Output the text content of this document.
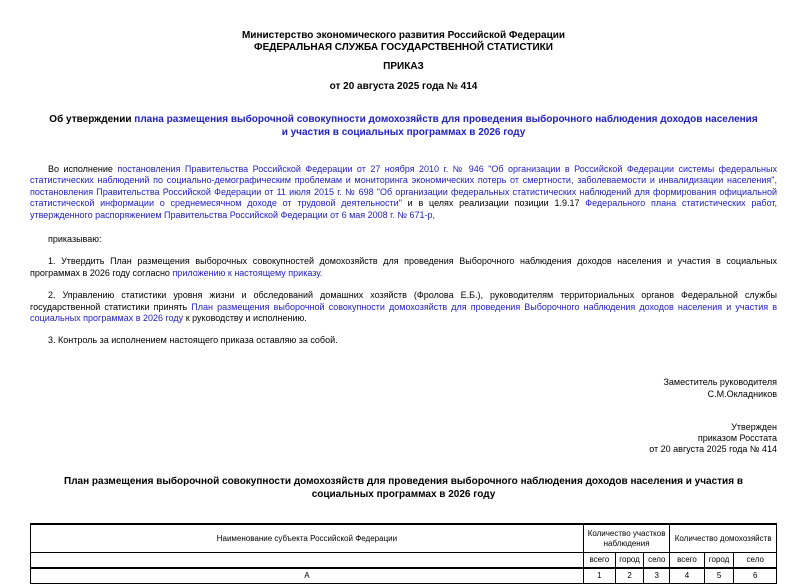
Министерство экономического развития Российской Федерации
ФЕДЕРАЛЬНАЯ СЛУЖБА ГОСУДАРСТВЕННОЙ СТАТИСТИКИ
ПРИКАЗ
от 20 августа 2025 года № 414
Об утверждении плана размещения выборочной совокупности домохозяйств для проведения выборочного наблюдения доходов населения и участия в социальных программах в 2026 году

Во исполнение постановления Правительства Российской Федерации от 27 ноября 2010 г. № 946 "Об организации в Российской Федерации системы федеральных статистических наблюдений по социально-демографическим проблемам и мониторинга экономических потерь от смертности, заболеваемости и инвалидизации населения", постановления Правительства Российской Федерации от 11 июля 2015 г. № 698 "Об организации федеральных статистических наблюдений для формирования официальной статистической информации о среднемесячном доходе от трудовой деятельности" и в целях реализации позиции 1.9.17 Федерального плана статистических работ, утвержденного распоряжением Правительства Российской Федерации от 6 мая 2008 г. № 671-р,

приказываю:

1. Утвердить План размещения выборочных совокупностей домохозяйств для проведения Выборочного наблюдения доходов населения и участия в социальных программах в 2026 году согласно приложению к настоящему приказу.

2. Управлению статистики уровня жизни и обследований домашних хозяйств (Фролова Е.Б.), руководителям территориальных органов Федеральной службы государственной статистики принять План размещения выборочной совокупности домохозяйств для проведения Выборочного наблюдения доходов населения и участия в социальных программах в 2026 году к руководству и исполнению.

3. Контроль за исполнением настоящего приказа оставляю за собой.

Заместитель руководителя
С.М.Окладников
Утвержден
приказом Росстата
от 20 августа 2025 года № 414
План размещения выборочной совокупности домохозяйств для проведения выборочного наблюдения доходов населения и участия в социальных программах в 2026 году
Наименование субъекта Российской Федерации	Количество участков наблюдения			Количество домохозяйств		
	всего	город	село	всего	город	село
А	1	2	3	4	5	6
